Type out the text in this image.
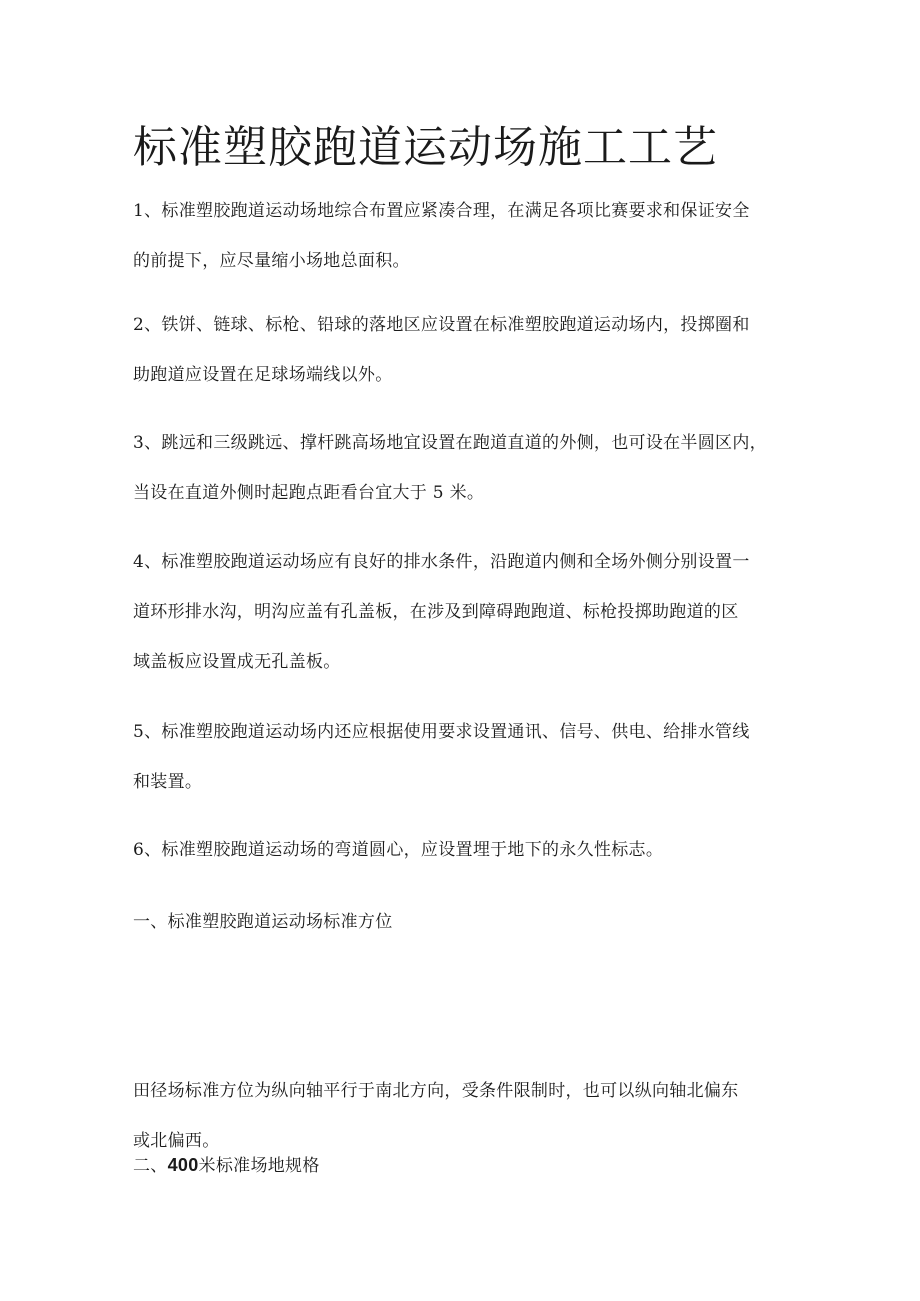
标准塑胶跑道运动场施工工艺

1、标准塑胶跑道运动场地综合布置应紧凑合理，在满足各项比赛要求和保证安全
的前提下，应尽量缩小场地总面积。

2、铁饼、链球、标枪、铅球的落地区应设置在标准塑胶跑道运动场内，投掷圈和
助跑道应设置在足球场端线以外。

3、跳远和三级跳远、撑杆跳高场地宜设置在跑道直道的外侧，也可设在半圆区内，
当设在直道外侧时起跑点距看台宜大于 5 米。

4、标准塑胶跑道运动场应有良好的排水条件，沿跑道内侧和全场外侧分别设置一
道环形排水沟，明沟应盖有孔盖板，在涉及到障碍跑跑道、标枪投掷助跑道的区
域盖板应设置成无孔盖板。

5、标准塑胶跑道运动场内还应根据使用要求设置通讯、信号、供电、给排水管线
和装置。

6、标准塑胶跑道运动场的弯道圆心，应设置埋于地下的永久性标志。

一、标准塑胶跑道运动场标准方位

田径场标准方位为纵向轴平行于南北方向，受条件限制时，也可以纵向轴北偏东
或北偏西。

二、400米标准场地规格
